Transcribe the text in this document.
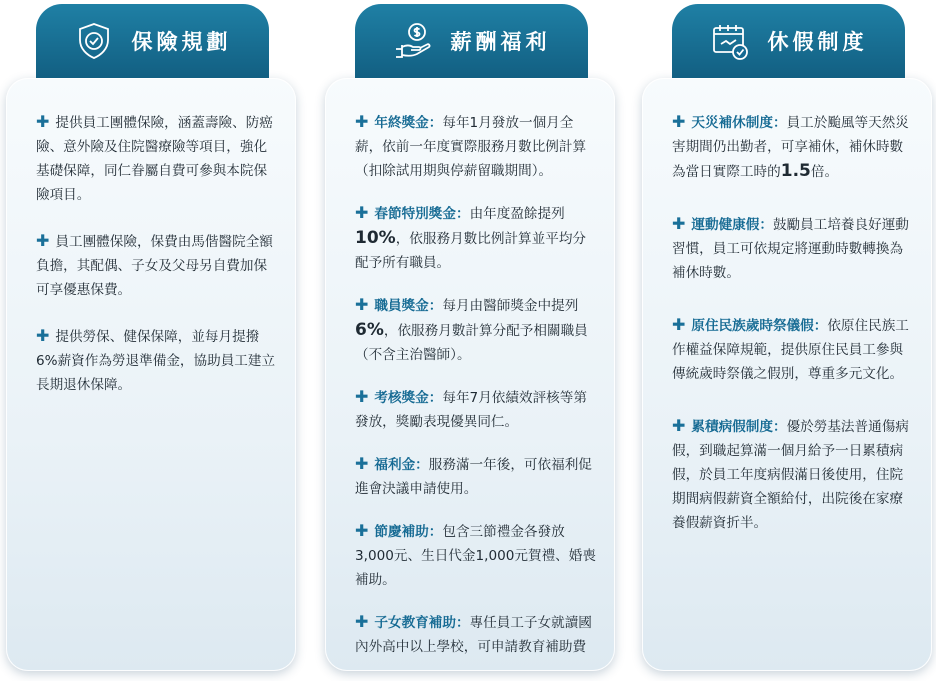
保險規劃
✚ 提供員工團體保險，涵蓋壽險、防癌險、意外險及住院醫療險等項目，強化基礎保障，同仁眷屬自費可參與本院保險項目。
✚ 員工團體保險，保費由馬偕醫院全額負擔，其配偶、子女及父母另自費加保可享優惠保費。
✚ 提供勞保、健保保障，並每月提撥6%薪資作為勞退準備金，協助員工建立長期退休保障。
薪酬福利
✚ 年終獎金：每年1月發放一個月全薪，依前一年度實際服務月數比例計算（扣除試用期與停薪留職期間）。
✚ 春節特別獎金：由年度盈餘提列10%，依服務月數比例計算並平均分配予所有職員。
✚ 職員獎金：每月由醫師獎金中提列6%，依服務月數計算分配予相關職員（不含主治醫師）。
✚ 考核獎金：每年7月依績效評核等第發放，獎勵表現優異同仁。
✚ 福利金：服務滿一年後，可依福利促進會決議申請使用。
✚ 節慶補助：包含三節禮金各發放3,000元、生日代金1,000元賀禮、婚喪補助。
✚ 子女教育補助：專任員工子女就讀國內外高中以上學校，可申請教育補助費
休假制度
✚ 天災補休制度：員工於颱風等天然災害期間仍出勤者，可享補休，補休時數為當日實際工時的1.5倍。
✚ 運動健康假：鼓勵員工培養良好運動習慣，員工可依規定將運動時數轉換為補休時數。
✚ 原住民族歲時祭儀假：依原住民族工作權益保障規範，提供原住民員工參與傳統歲時祭儀之假別，尊重多元文化。
✚ 累積病假制度：優於勞基法普通傷病假，到職起算滿一個月給予一日累積病假，於員工年度病假滿日後使用，住院期間病假薪資全額給付，出院後在家療養假薪資折半。
